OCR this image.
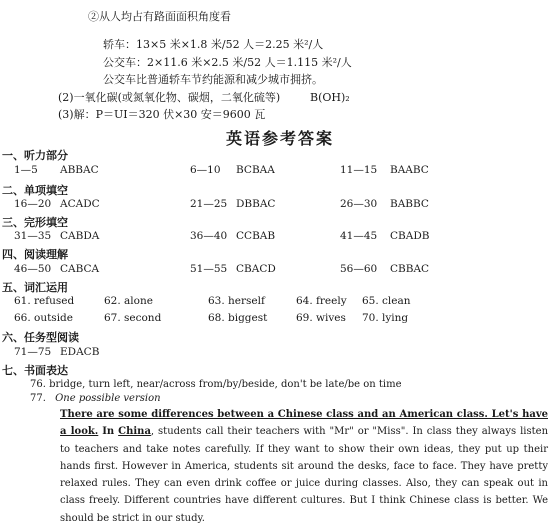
②从人均占有路面面积角度看
轿车：13×5 米×1.8 米/52 人＝2.25 米²/人
公交车：2×11.6 米×2.5 米/52 人＝1.115 米²/人
公交车比普通轿车节约能源和减少城市拥挤。
(2)一氧化碳(或氮氧化物、碳烟，二氧化硫等)	B(OH)₂
(3)解：P＝UI＝320 伏×30 安＝9600 瓦
英语参考答案
一、听力部分
1—5 ABBAC	6—10 BCBAA	11—15 BAABC
二、单项填空
16—20 ACADC	21—25 DBBAC	26—30 BABBC
三、完形填空
31—35 CABDA	36—40 CCBAB	41—45 CBADB
四、阅读理解
46—50 CABCA	51—55 CBACD	56—60 CBBAC
五、词汇运用
61. refused	62. alone	63. herself	64. freely 65. clean
66. outside	67. second	68. biggest	69. wives 70. lying
六、任务型阅读
71—75 EDACB
七、书面表达
76. bridge, turn left, near/across from/by/beside, don't be late/be on time
77. One possible version
There are some differences between a Chinese class and an American class. Let's have a look. In China, students call their teachers with "Mr" or "Miss". In class they always listen to teachers and take notes carefully. If they want to show their own ideas, they put up their hands first. However in America, students sit around the desks, face to face. They have pretty relaxed rules. They can even drink coffee or juice during classes. Also, they can speak out in class freely. Different countries have different cultures. But I think Chinese class is better. We should be strict in our study.
